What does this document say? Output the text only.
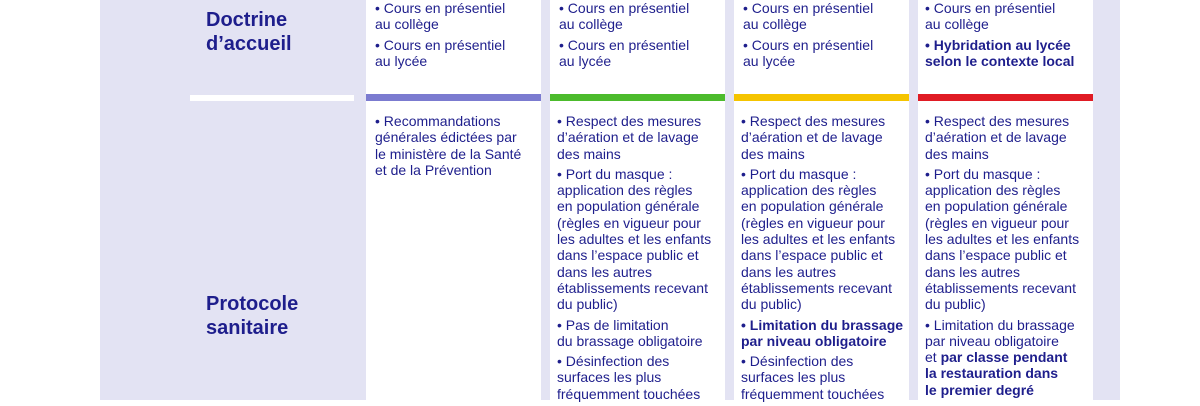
Doctrine
d’accueil
Protocole
sanitaire

• Cours en présentiel
au collège

• Cours en présentiel
au lycée

• Cours en présentiel
au collège

• Cours en présentiel
au lycée

• Cours en présentiel
au collège

• Cours en présentiel
au lycée

• Cours en présentiel
au collège

• Hybridation au lycée
selon le contexte local

• Recommandations
générales édictées par
le ministère de la Santé
et de la Prévention

• Respect des mesures
d’aération et de lavage
des mains

• Port du masque :
application des règles
en population générale
(règles en vigueur pour
les adultes et les enfants
dans l’espace public et
dans les autres
établissements recevant
du public)

• Pas de limitation
du brassage obligatoire

• Désinfection des
surfaces les plus
fréquemment touchées

• Respect des mesures
d’aération et de lavage
des mains

• Port du masque :
application des règles
en population générale
(règles en vigueur pour
les adultes et les enfants
dans l’espace public et
dans les autres
établissements recevant
du public)

• Limitation du brassage
par niveau obligatoire

• Désinfection des
surfaces les plus
fréquemment touchées

• Respect des mesures
d’aération et de lavage
des mains

• Port du masque :
application des règles
en population générale
(règles en vigueur pour
les adultes et les enfants
dans l’espace public et
dans les autres
établissements recevant
du public)

• Limitation du brassage
par niveau obligatoire
et par classe pendant
la restauration dans
le premier degré
